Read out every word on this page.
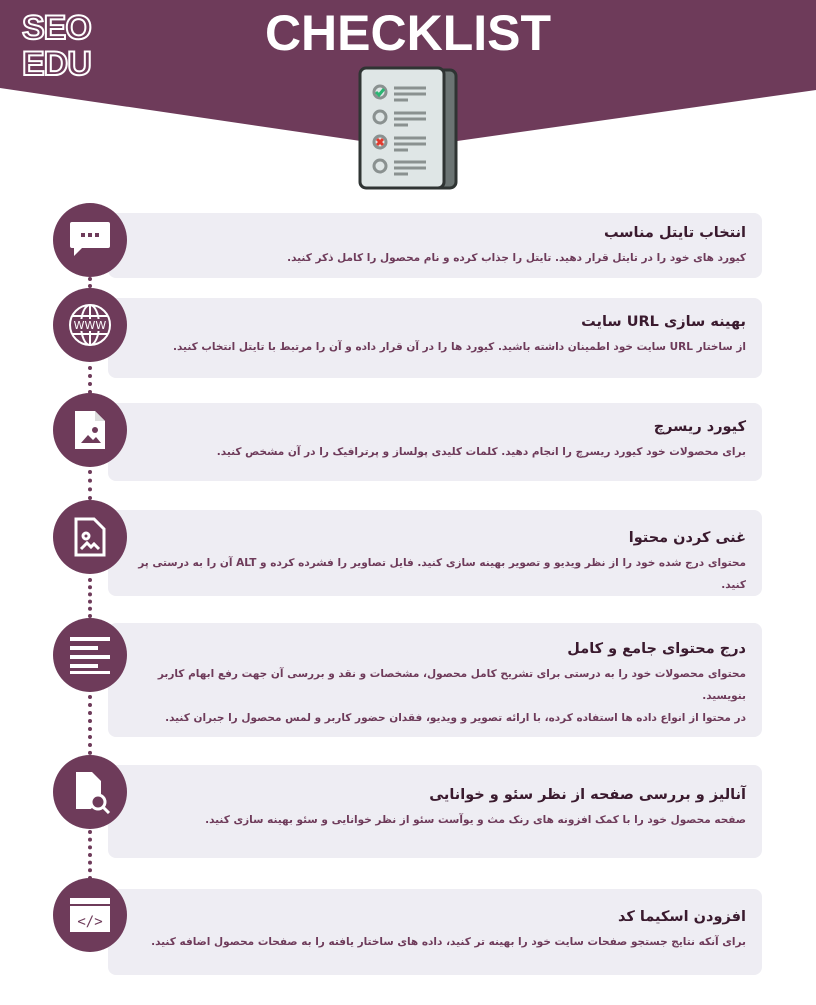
SEO
EDU
CHECKLIST
انتخاب تایتل مناسب

کیورد های خود را در تایتل قرار دهید. تایتل را جذاب کرده و نام محصول را کامل ذکر کنید.

بهینه سازی URL سایت

از ساختار URL سایت خود اطمینان داشته باشید. کیورد ها را در آن قرار داده و آن را مرتبط با تایتل انتخاب کنید.

کیورد ریسرچ

برای محصولات خود کیورد ریسرچ را انجام دهید. کلمات کلیدی پولساز و پرترافیک را در آن مشخص کنید.

غنی کردن محتوا

محتوای درج شده خود را از نظر ویدیو و تصویر بهینه سازی کنید. فایل تصاویر را فشرده کرده و ALT آن را به درستی پر کنید.

درج محتوای جامع و کامل

محتوای محصولات خود را به درستی برای تشریح کامل محصول، مشخصات و نقد و بررسی آن جهت رفع ابهام کاربر بنویسید.

در محتوا از انواع داده ها استفاده کرده، با ارائه تصویر و ویدیو، فقدان حضور کاربر و لمس محصول را جبران کنید.

آنالیز و بررسی صفحه از نظر سئو و خوانایی

صفحه محصول خود را با کمک افزونه های رنک مث و یوآست سئو از نظر خوانایی و سئو بهینه سازی کنید.

افزودن اسکیما کد

برای آنکه نتایج جستجو صفحات سایت خود را بهینه تر کنید، داده های ساختار یافته را به صفحات محصول اضافه کنید.

WWW
</>
